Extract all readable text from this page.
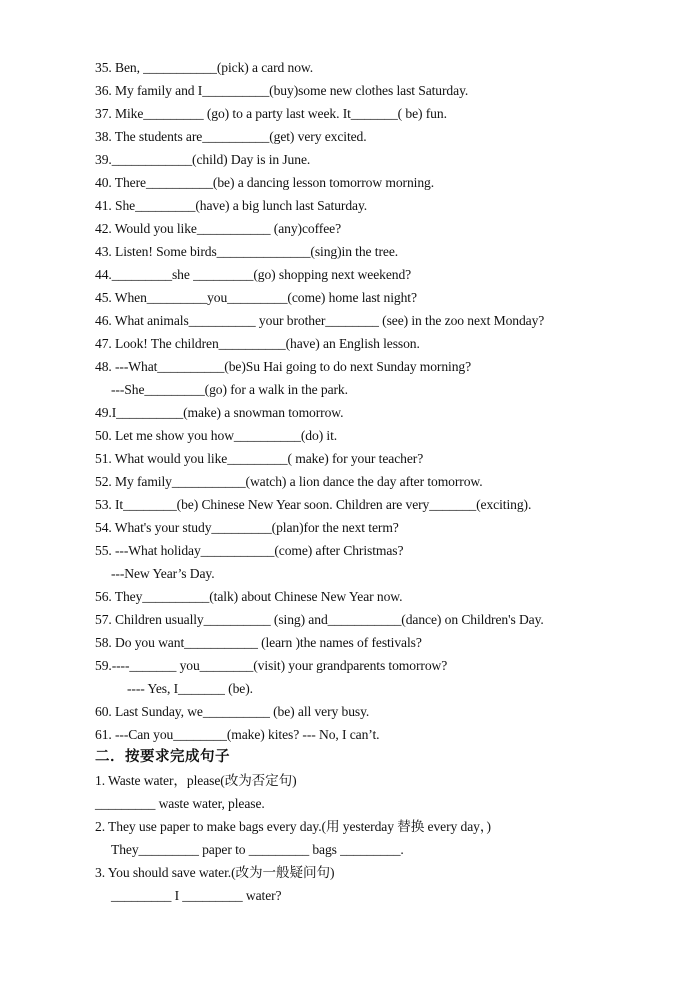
35. Ben, ___________(pick) a card now.
36. My family and I__________(buy)some new clothes last Saturday.
37. Mike_________ (go) to a party last week. It_______( be) fun.
38. The students are__________(get) very excited.
39.____________(child) Day is in June.
40. There__________(be) a dancing lesson tomorrow morning.
41. She_________(have) a big lunch last Saturday.
42. Would you like___________ (any)coffee?
43. Listen! Some birds______________(sing)in the tree.
44._________she _________(go) shopping next weekend?
45. When_________you_________(come) home last night?
46. What animals__________ your brother________ (see) in the zoo next Monday?
47. Look! The children__________(have) an English lesson.
48. ---What__________(be)Su Hai going to do next Sunday morning?
---She_________(go) for a walk in the park.
49.I__________(make) a snowman tomorrow.
50. Let me show you how__________(do) it.
51. What would you like_________( make) for your teacher?
52. My family___________(watch) a lion dance the day after tomorrow.
53. It________(be) Chinese New Year soon. Children are very_______(exciting).
54. What's your study_________(plan)for the next term?
55. ---What holiday___________(come) after Christmas?
---New Year’s Day.
56. They__________(talk) about Chinese New Year now.
57. Children usually__________ (sing) and___________(dance) on Children's Day.
58. Do you want___________ (learn )the names of festivals?
59.----_______ you________(visit) your grandparents tomorrow?
---- Yes, I_______ (be).
60. Last Sunday, we__________ (be) all very busy.
61. ---Can you________(make) kites? --- No, I can’t.
二．按要求完成句子
1. Waste water，please(改为否定句)
_________ waste water, please.
2. They use paper to make bags every day.(用 yesterday 替换 every day，)
They_________ paper to _________ bags _________.
3. You should save water.(改为一般疑问句)
_________ I _________ water?
